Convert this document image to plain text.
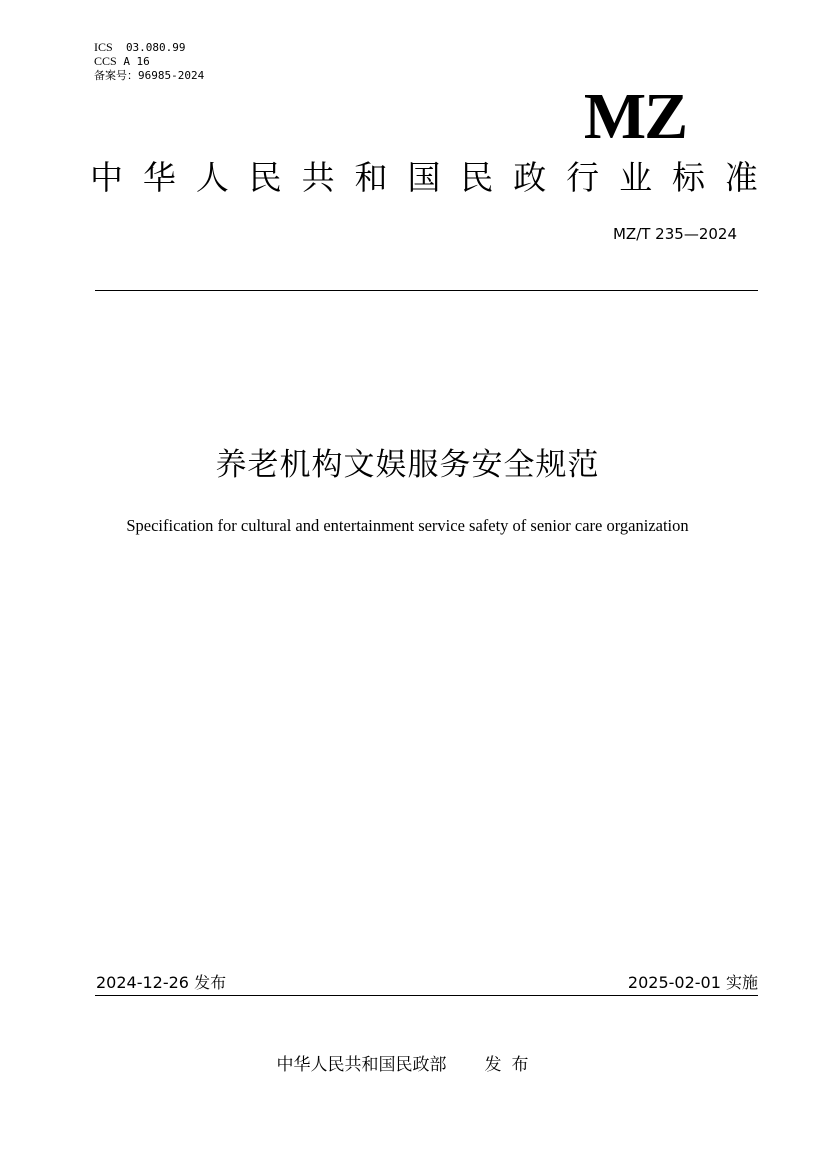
ICS 03.080.99
CCS A 16
备案号：96985-2024
MZ
中 华 人 民 共 和 国 民 政 行 业 标 准
MZ/T 235—2024
养老机构文娱服务安全规范
Specification for cultural and entertainment service safety of senior care organization
2024-12-26 发布	2025-02-01 实施
中华人民共和国民政部 发布
